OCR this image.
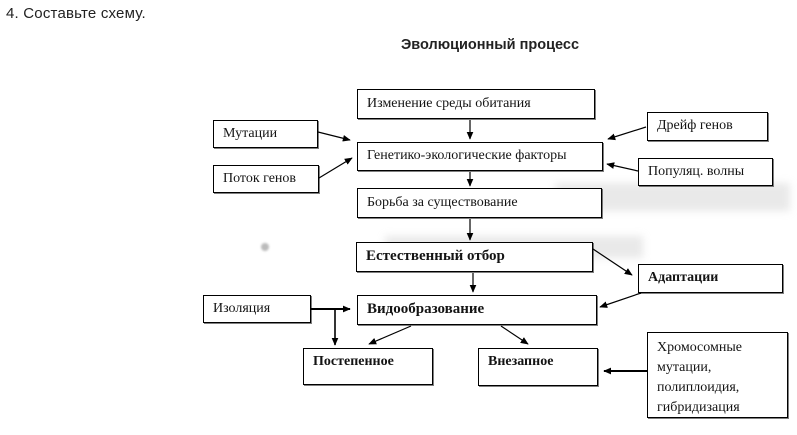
4. Составьте схему.
Эволюционный процесс
Изменение среды обитания
Мутации
Поток генов
Генетико-экологические факторы
Дрейф генов
Популяц. волны
Борьба за существование
Естественный отбор
Адаптации
Изоляция	Видообразование
Постепенное	Внезапное
Хромосомные мутации, полиплоидия, гибридизация
